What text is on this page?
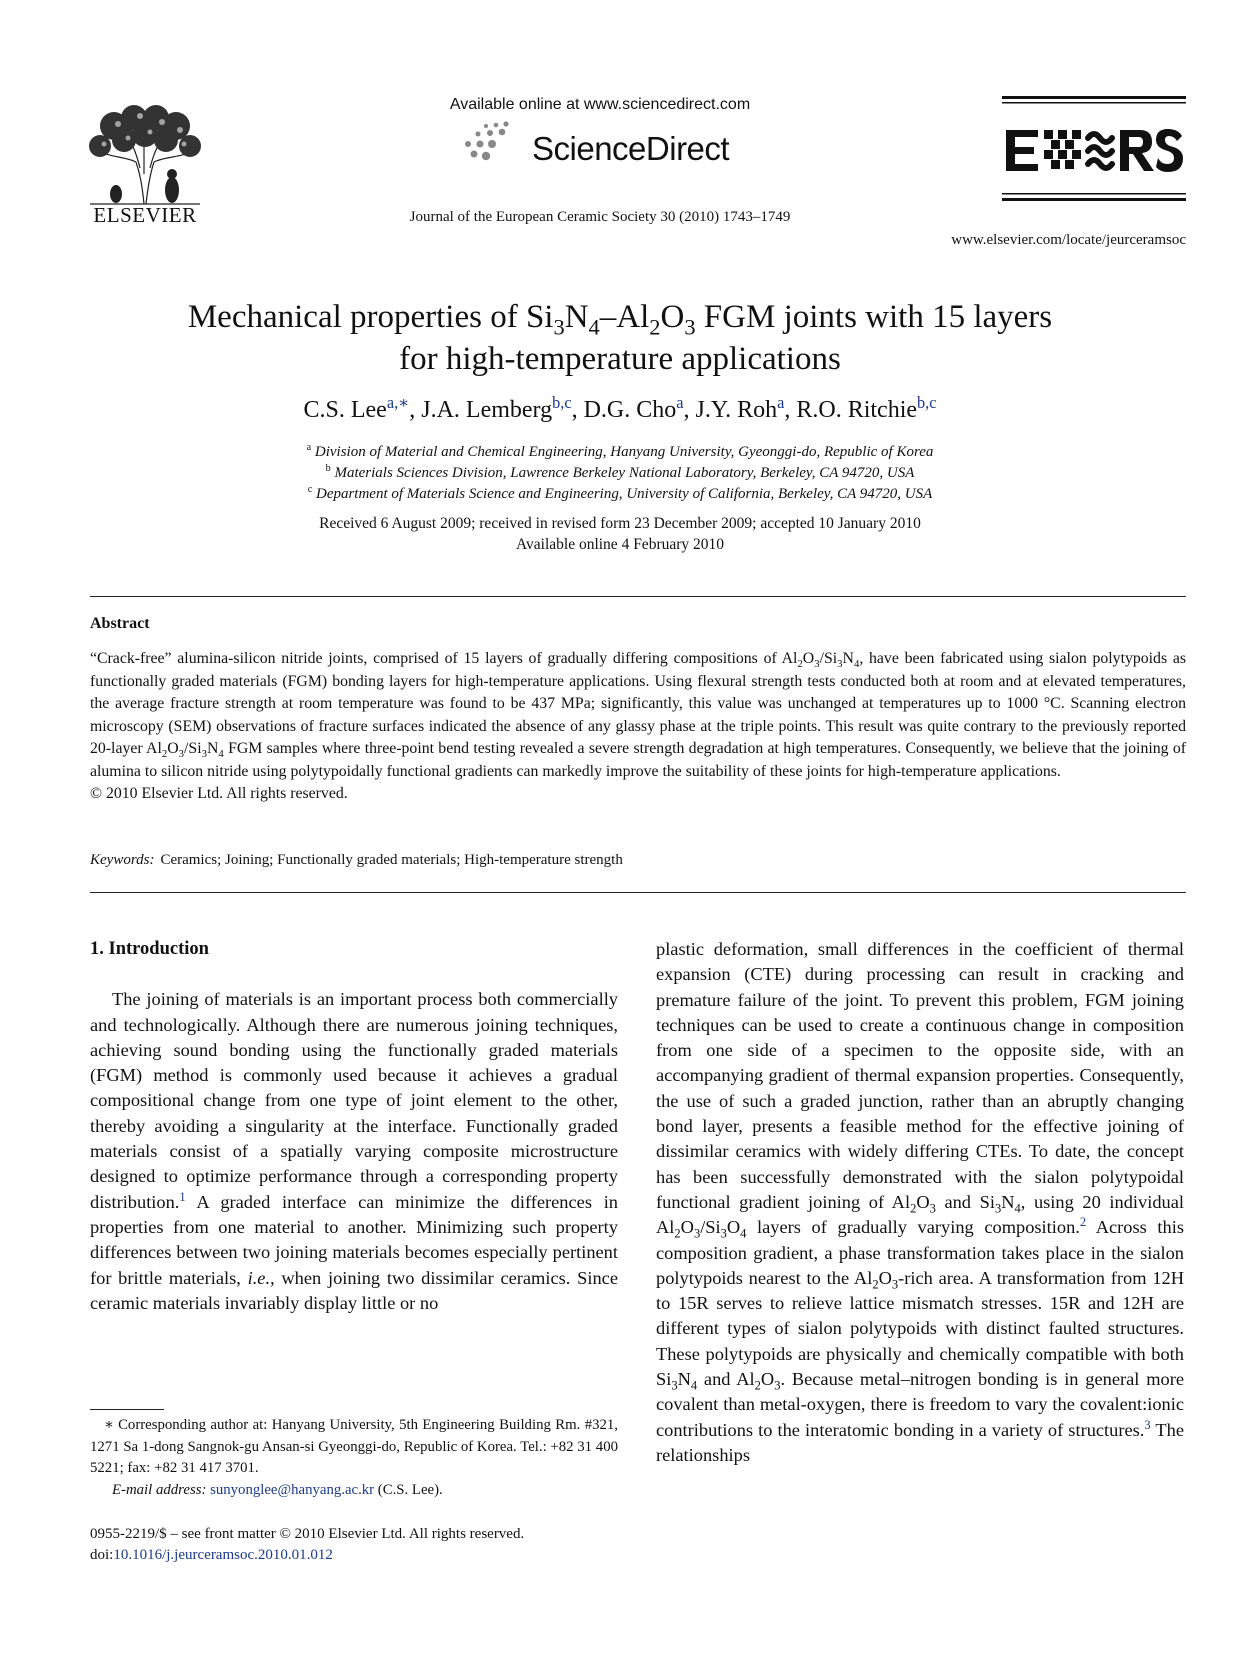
ELSEVIER
Available online at www.sciencedirect.com
ScienceDirect
Journal of the European Ceramic Society 30 (2010) 1743–1749
www.elsevier.com/locate/jeurceramsoc
Mechanical properties of $Si_3N_4-Al_2O_3$ FGM joints with 15 layers
for high-temperature applications
C.S. Lee$^{a,∗}$, J.A. Lemberg$^{b,c}$, D.G. Cho$^a$, J.Y. Roh$^a$, R.O. Ritchie$^{b,c}$
$^a$ Division of Material and Chemical Engineering, Hanyang University, Gyeonggi-do, Republic of Korea
$^b$ Materials Sciences Division, Lawrence Berkeley National Laboratory, Berkeley, CA 94720, USA
$^c$ Department of Materials Science and Engineering, University of California, Berkeley, CA 94720, USA
Received 6 August 2009; received in revised form 23 December 2009; accepted 10 January 2010
Available online 4 February 2010
Abstract
“Crack-free” alumina-silicon nitride joints, comprised of 15 layers of gradually differing compositions of $Al_2O_3/Si_3N_4$, have been fabricated using sialon polytypoids as functionally graded materials (FGM) bonding layers for high-temperature applications. Using flexural strength tests conducted both at room and at elevated temperatures, the average fracture strength at room temperature was found to be 437 MPa; significantly, this value was unchanged at temperatures up to 1000 °C. Scanning electron microscopy (SEM) observations of fracture surfaces indicated the absence of any glassy phase at the triple points. This result was quite contrary to the previously reported 20-layer $Al_2O_3/Si_3N_4$ FGM samples where three-point bend testing revealed a severe strength degradation at high temperatures. Consequently, we believe that the joining of alumina to silicon nitride using polytypoidally functional gradients can markedly improve the suitability of these joints for high-temperature applications.
© 2010 Elsevier Ltd. All rights reserved.
Keywords: Ceramics; Joining; Functionally graded materials; High-temperature strength
1. Introduction

The joining of materials is an important process both commercially and technologically. Although there are numerous joining techniques, achieving sound bonding using the functionally graded materials (FGM) method is commonly used because it achieves a gradual compositional change from one type of joint element to the other, thereby avoiding a singularity at the interface. Functionally graded materials consist of a spatially varying composite microstructure designed to optimize performance through a corresponding property distribution.$^1$ A graded interface can minimize the differences in properties from one material to another. Minimizing such property differences between two joining materials becomes especially pertinent for brittle materials, i.e., when joining two dissimilar ceramics. Since ceramic materials invariably display little or no

∗ Corresponding author at: Hanyang University, 5th Engineering Building Rm. #321, 1271 Sa 1-dong Sangnok-gu Ansan-si Gyeonggi-do, Republic of Korea. Tel.: +82 31 400 5221; fax: +82 31 417 3701.
E-mail address: sunyonglee@hanyang.ac.kr (C.S. Lee).
0955-2219/$ – see front matter © 2010 Elsevier Ltd. All rights reserved.
doi:10.1016/j.jeurceramsoc.2010.01.012

plastic deformation, small differences in the coefficient of thermal expansion (CTE) during processing can result in cracking and premature failure of the joint. To prevent this problem, FGM joining techniques can be used to create a continuous change in composition from one side of a specimen to the opposite side, with an accompanying gradient of thermal expansion properties. Consequently, the use of such a graded junction, rather than an abruptly changing bond layer, presents a feasible method for the effective joining of dissimilar ceramics with widely differing CTEs. To date, the concept has been successfully demonstrated with the sialon polytypoidal functional gradient joining of $Al_2O_3$ and $Si_3N_4$, using 20 individual $Al_2O_3/Si_3O_4$ layers of gradually varying composition.$^2$ Across this composition gradient, a phase transformation takes place in the sialon polytypoids nearest to the $Al_2O_3$-rich area. A transformation from 12H to 15R serves to relieve lattice mismatch stresses. 15R and 12H are different types of sialon polytypoids with distinct faulted structures. These polytypoids are physically and chemically compatible with both $Si_3N_4$ and $Al_2O_3$. Because metal–nitrogen bonding is in general more covalent than metal-oxygen, there is freedom to vary the covalent:ionic contributions to the interatomic bonding in a variety of structures.$^3$ The relationships
